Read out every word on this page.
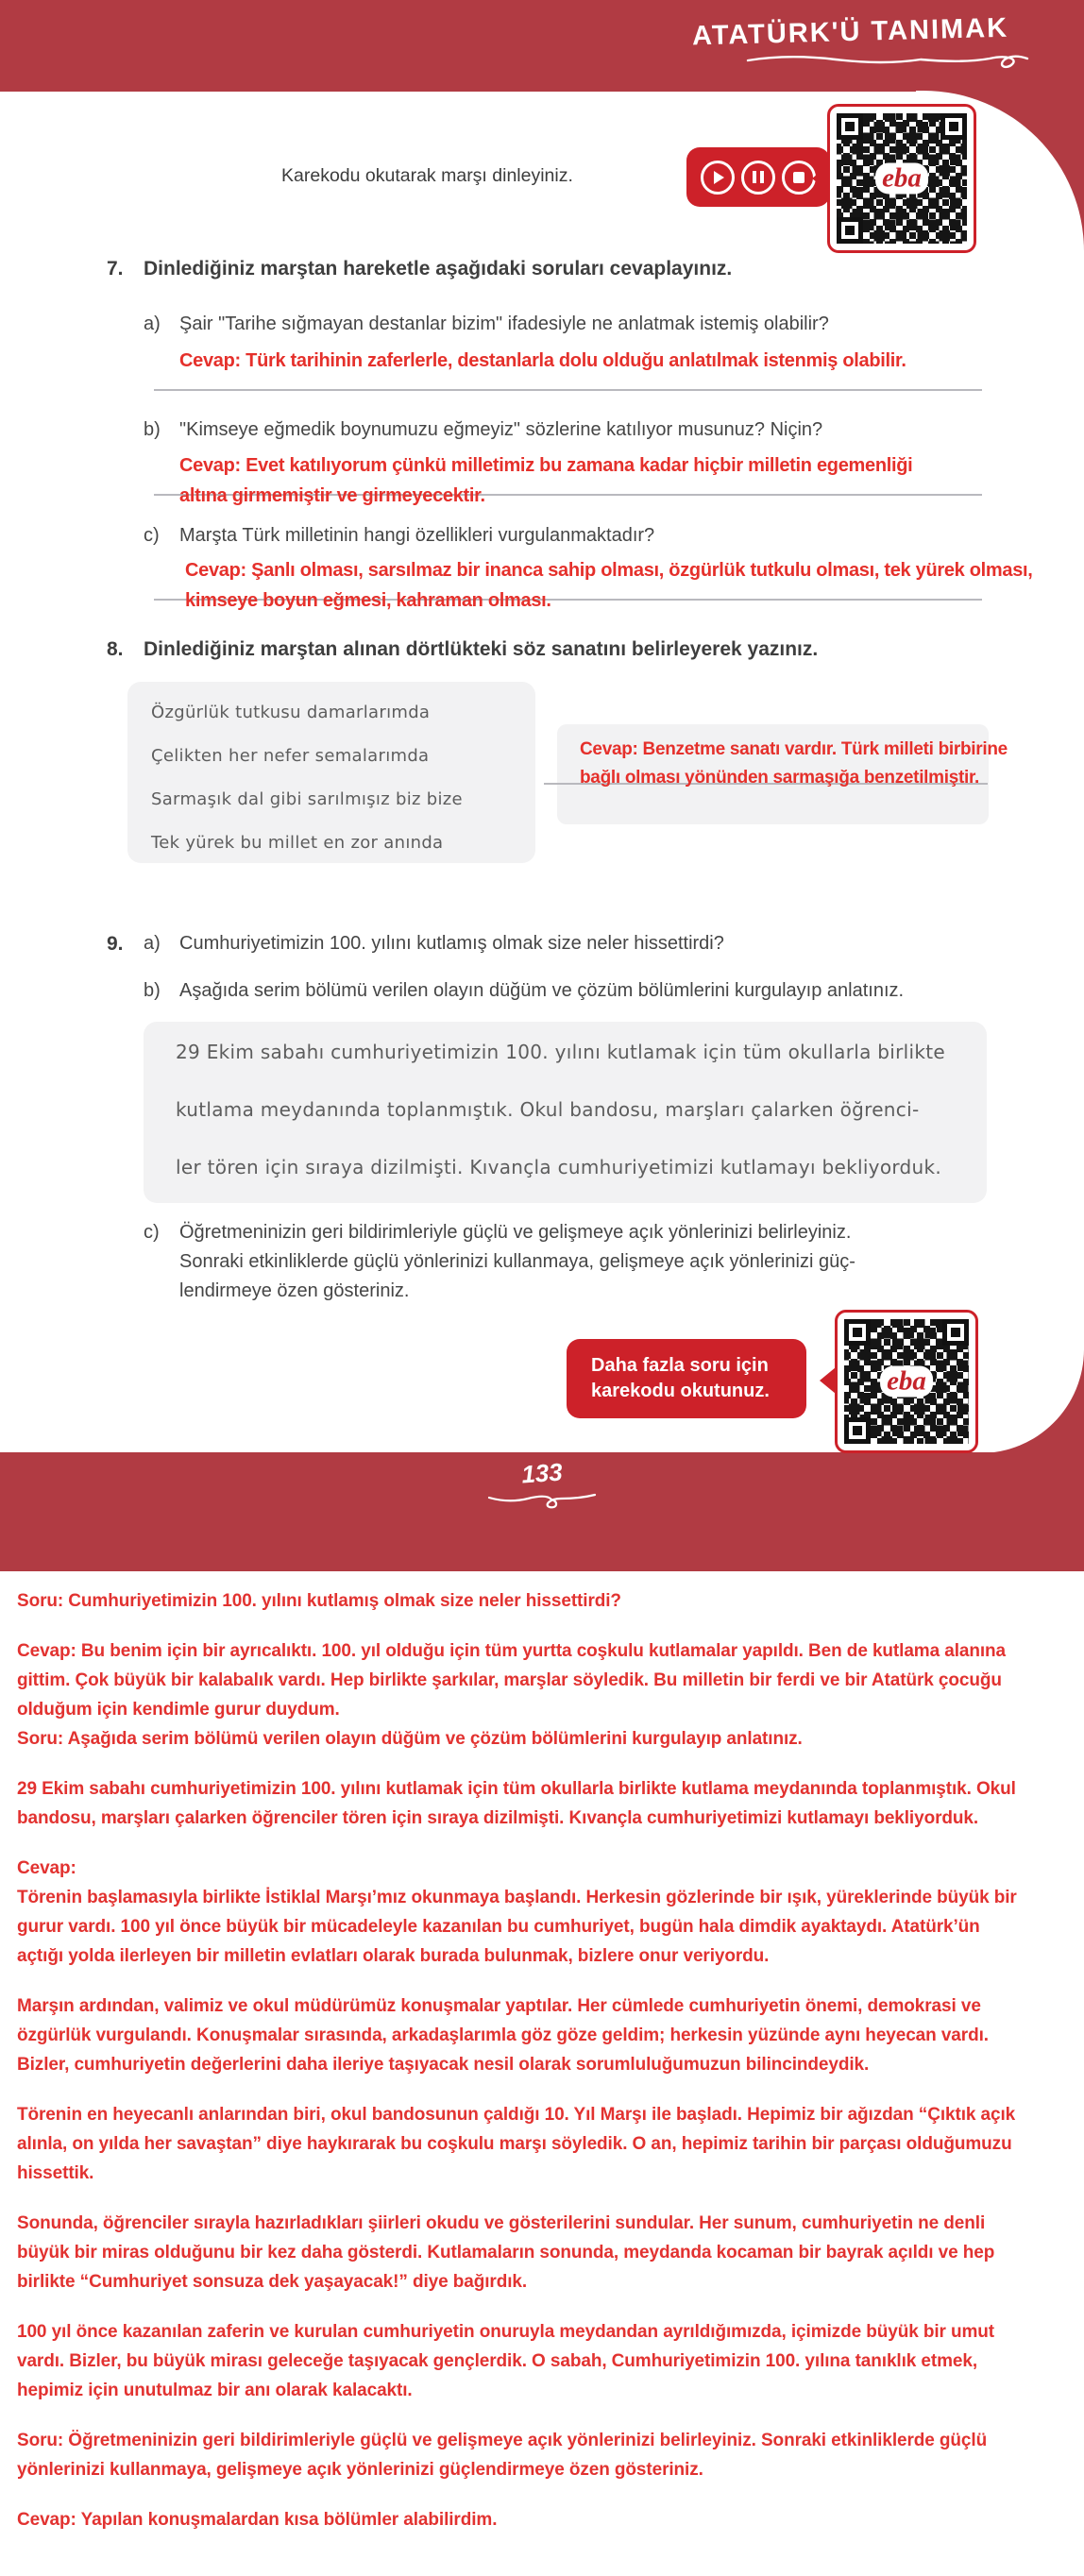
ATATÜRK'Ü TANIMAK
Karekodu okutarak marşı dinleyiniz.	eba
7. Dinlediğiniz marştan hareketle aşağıdaki soruları cevaplayınız.
a) Şair "Tarihe sığmayan destanlar bizim" ifadesiyle ne anlatmak istemiş olabilir?
Cevap: Türk tarihinin zaferlerle, destanlarla dolu olduğu anlatılmak istenmiş olabilir.
b) "Kimseye eğmedik boynumuzu eğmeyiz" sözlerine katılıyor musunuz? Niçin?
Cevap: Evet katılıyorum çünkü milletimiz bu zamana kadar hiçbir milletin egemenliği
altına girmemiştir ve girmeyecektir.
c) Marşta Türk milletinin hangi özellikleri vurgulanmaktadır?
Cevap: Şanlı olması, sarsılmaz bir inanca sahip olması, özgürlük tutkulu olması, tek yürek olması,
kimseye boyun eğmesi, kahraman olması.
8. Dinlediğiniz marştan alınan dörtlükteki söz sanatını belirleyerek yazınız.
Özgürlük tutkusu damarlarımda
Çelikten her nefer semalarımda
Sarmaşık dal gibi sarılmışız biz bize
Tek yürek bu millet en zor anında
Cevap: Benzetme sanatı vardır. Türk milleti birbirine
bağlı olması yönünden sarmaşığa benzetilmiştir.
9. a) Cumhuriyetimizin 100. yılını kutlamış olmak size neler hissettirdi?
b) Aşağıda serim bölümü verilen olayın düğüm ve çözüm bölümlerini kurgulayıp anlatınız.
29 Ekim sabahı cumhuriyetimizin 100. yılını kutlamak için tüm okullarla birlikte
kutlama meydanında toplanmıştık. Okul bandosu, marşları çalarken öğrenci-
ler tören için sıraya dizilmişti. Kıvançla cumhuriyetimizi kutlamayı bekliyorduk.
c) Öğretmeninizin geri bildirimleriyle güçlü ve gelişmeye açık yönlerinizi belirleyiniz.
Sonraki etkinliklerde güçlü yönlerinizi kullanmaya, gelişmeye açık yönlerinizi güç-
lendirmeye özen gösteriniz.
Daha fazla soru için
karekodu okutunuz.	eba
133

Soru: Cumhuriyetimizin 100. yılını kutlamış olmak size neler hissettirdi?

Cevap: Bu benim için bir ayrıcalıktı. 100. yıl olduğu için tüm yurtta coşkulu kutlamalar yapıldı. Ben de kutlama alanına gittim. Çok büyük bir kalabalık vardı. Hep birlikte şarkılar, marşlar söyledik. Bu milletin bir ferdi ve bir Atatürk çocuğu olduğum için kendimle gurur duydum.

Soru: Aşağıda serim bölümü verilen olayın düğüm ve çözüm bölümlerini kurgulayıp anlatınız.

29 Ekim sabahı cumhuriyetimizin 100. yılını kutlamak için tüm okullarla birlikte kutlama meydanında toplanmıştık. Okul bandosu, marşları çalarken öğrenciler tören için sıraya dizilmişti. Kıvançla cumhuriyetimizi kutlamayı bekliyorduk.

Cevap:

Törenin başlamasıyla birlikte İstiklal Marşı’mız okunmaya başlandı. Herkesin gözlerinde bir ışık, yüreklerinde büyük bir gurur vardı. 100 yıl önce büyük bir mücadeleyle kazanılan bu cumhuriyet, bugün hala dimdik ayaktaydı. Atatürk’ün açtığı yolda ilerleyen bir milletin evlatları olarak burada bulunmak, bizlere onur veriyordu.

Marşın ardından, valimiz ve okul müdürümüz konuşmalar yaptılar. Her cümlede cumhuriyetin önemi, demokrasi ve özgürlük vurgulandı. Konuşmalar sırasında, arkadaşlarımla göz göze geldim; herkesin yüzünde aynı heyecan vardı. Bizler, cumhuriyetin değerlerini daha ileriye taşıyacak nesil olarak sorumluluğumuzun bilincindeydik.

Törenin en heyecanlı anlarından biri, okul bandosunun çaldığı 10. Yıl Marşı ile başladı. Hepimiz bir ağızdan “Çıktık açık alınla, on yılda her savaştan” diye haykırarak bu coşkulu marşı söyledik. O an, hepimiz tarihin bir parçası olduğumuzu hissettik.

Sonunda, öğrenciler sırayla hazırladıkları şiirleri okudu ve gösterilerini sundular. Her sunum, cumhuriyetin ne denli büyük bir miras olduğunu bir kez daha gösterdi. Kutlamaların sonunda, meydanda kocaman bir bayrak açıldı ve hep birlikte “Cumhuriyet sonsuza dek yaşayacak!” diye bağırdık.

100 yıl önce kazanılan zaferin ve kurulan cumhuriyetin onuruyla meydandan ayrıldığımızda, içimizde büyük bir umut vardı. Bizler, bu büyük mirası geleceğe taşıyacak gençlerdik. O sabah, Cumhuriyetimizin 100. yılına tanıklık etmek, hepimiz için unutulmaz bir anı olarak kalacaktı.

Soru: Öğretmeninizin geri bildirimleriyle güçlü ve gelişmeye açık yönlerinizi belirleyiniz. Sonraki etkinliklerde güçlü yönlerinizi kullanmaya, gelişmeye açık yönlerinizi güçlendirmeye özen gösteriniz.

Cevap: Yapılan konuşmalardan kısa bölümler alabilirdim.
